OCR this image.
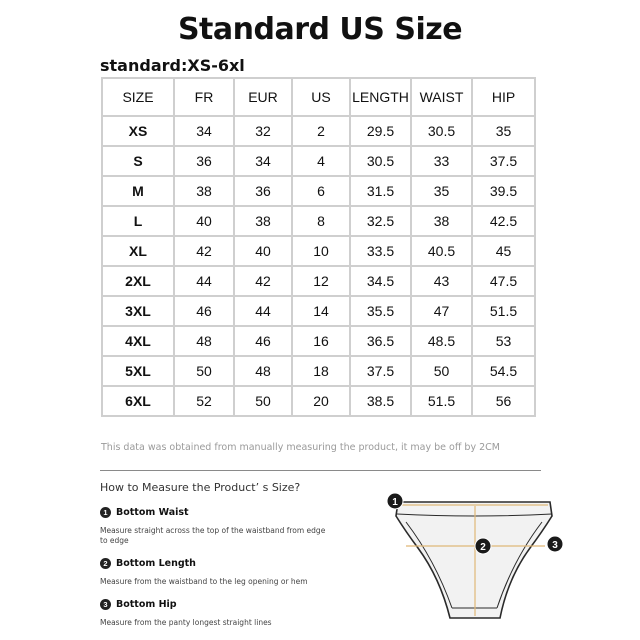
Standard US Size
standard:XS-6xl
SIZE	FR	EUR	US	LENGTH	WAIST	HIP
XS	34	32	2	29.5	30.5	35
S	36	34	4	30.5	33	37.5
M	38	36	6	31.5	35	39.5
L	40	38	8	32.5	38	42.5
XL	42	40	10	33.5	40.5	45
2XL	44	42	12	34.5	43	47.5
3XL	46	44	14	35.5	47	51.5
4XL	48	46	16	36.5	48.5	53
5XL	50	48	18	37.5	50	54.5
6XL	52	50	20	38.5	51.5	56
This data was obtained from manually measuring the product, it may be off by 2CM
How to Measure the Product’ s Size?
1 Bottom Waist
Measure straight across the top of the waistband from edge to edge
2 Bottom Length
Measure from the waistband to the leg opening or hem
3 Bottom Hip
Measure from the panty longest straight lines
1
2	3
